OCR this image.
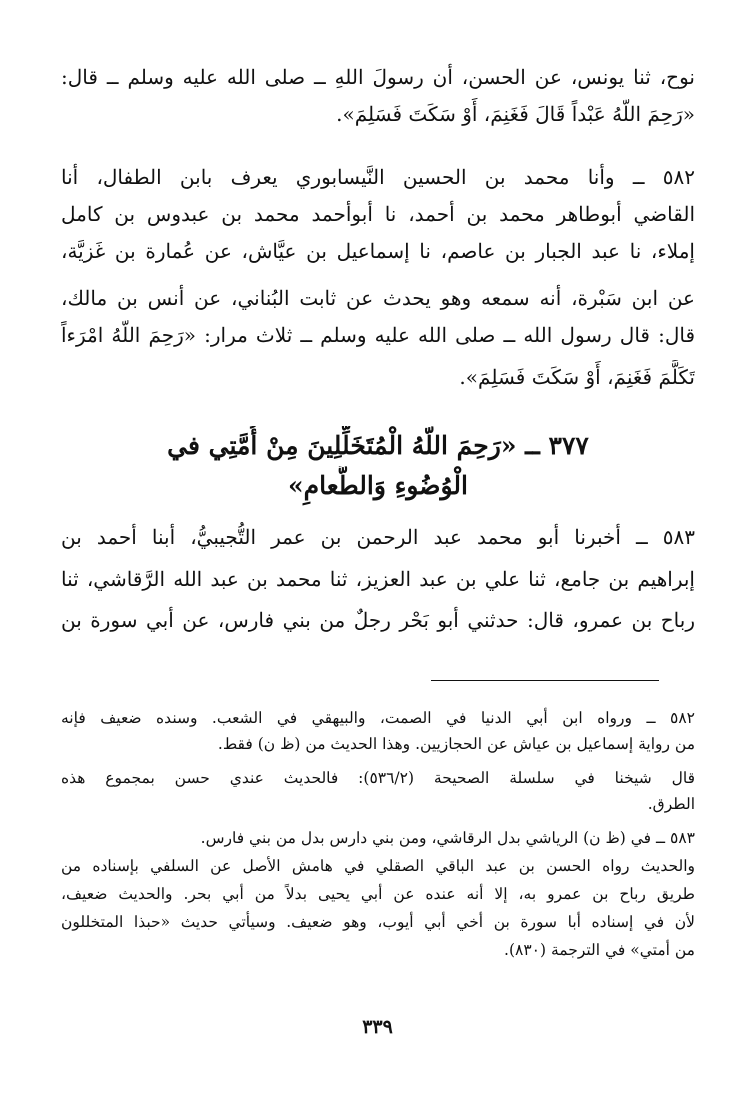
نوح، ثنا يونس، عن الحسن، أن رسولَ اللهِ ــ صلى الله عليه وسلم ــ قال:
«رَحِمَ اللّهُ عَبْداً قَالَ فَغَنِمَ، أَوْ سَكَتَ فَسَلِمَ».
٥٨٢ ــ وأنا محمد بن الحسين النَّيسابوري يعرف بابن الطفال، أنا
القاضي أبوطاهر محمد بن أحمد، نا أبوأحمد محمد بن عبدوس بن كامل
إملاء، نا عبد الجبار بن عاصم، نا إسماعيل بن عيَّاش، عن عُمارة بن غَزيَّة،
عن ابن سَبْرة، أنه سمعه وهو يحدث عن ثابت البُناني، عن أنس بن مالك،
قال: قال رسول الله ــ صلى الله عليه وسلم ــ ثلاث مرار: «رَحِمَ اللّهُ امْرَءاً
تَكَلَّمَ فَغَنِمَ، أَوْ سَكَتَ فَسَلِمَ».
٣٧٧ ــ «رَحِمَ اللّهُ الْمُتَخَلِّلِينَ مِنْ أُمَّتِي في
الْوُضُوءِ وَالطَّعامِ»
٥٨٣ ــ أخبرنا أبو محمد عبد الرحمن بن عمر التُّجيبيُّ، أبنا أحمد بن
إبراهيم بن جامع، ثنا علي بن عبد العزيز، ثنا محمد بن عبد الله الرَّقاشي، ثنا
رباح بن عمرو، قال: حدثني أبو بَحْر رجلٌ من بني فارس، عن أبي سورة بن
٥٨٢ ــ ورواه ابن أبي الدنيا في الصمت، والبيهقي في الشعب. وسنده ضعيف فإنه
من رواية إسماعيل بن عياش عن الحجازيين. وهذا الحديث من (ظ ن) فقط.
قال شيخنا في سلسلة الصحيحة (٥٣٦/٢): فالحديث عندي حسن بمجموع هذه
الطرق.
٥٨٣ ــ في (ظ ن) الرياشي بدل الرقاشي، ومن بني دارس بدل من بني فارس.
والحديث رواه الحسن بن عبد الباقي الصقلي في هامش الأصل عن السلفي بإسناده من
طريق رباح بن عمرو به، إلا أنه عنده عن أبي يحيى بدلاً من أبي بحر. والحديث ضعيف،
لأن في إسناده أبا سورة بن أخي أبي أيوب، وهو ضعيف. وسيأتي حديث «حبذا المتخللون
من أمتي» في الترجمة (٨٣٠).
٣٣٩
